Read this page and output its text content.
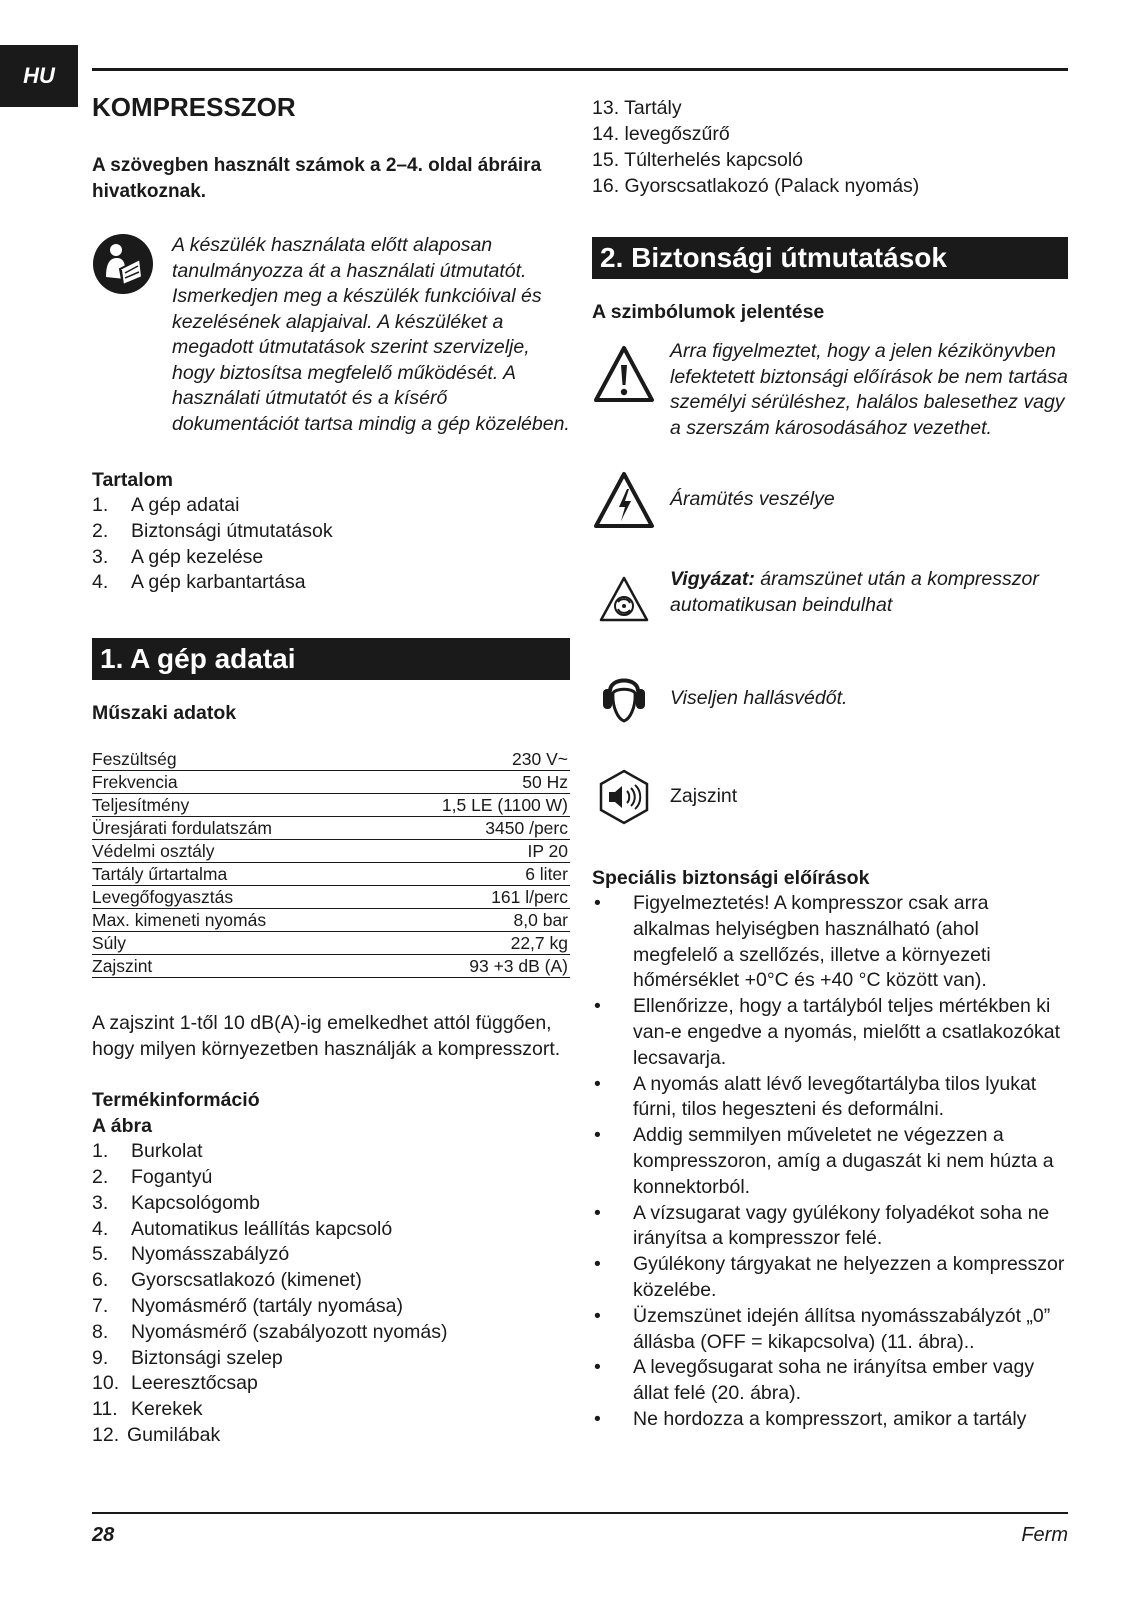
HU
KOMPRESSZOR
A szövegben használt számok a 2–4. oldal ábráira hivatkoznak.
A készülék használata előtt alaposan tanulmányozza át a használati útmutatót. Ismerkedjen meg a készülék funkcióival és kezelésének alapjaival. A készüléket a megadott útmutatások szerint szervizelje, hogy biztosítsa megfelelő működését. A használati útmutatót és a kísérő dokumentációt tartsa mindig a gép közelében.
Tartalom
1.	A gép adatai
2.	Biztonsági útmutatások
3.	A gép kezelése
4.	A gép karbantartása
1. A gép adatai
Műszaki adatok
Feszültség	230 V~
Frekvencia	50 Hz
Teljesítmény	1,5 LE (1100 W)
Üresjárati fordulatszám	3450 /perc
Védelmi osztály	IP 20
Tartály űrtartalma	6 liter
Levegőfogyasztás	161 l/perc
Max. kimeneti nyomás	8,0 bar
Súly	22,7 kg
Zajszint	93 +3 dB (A)
A zajszint 1-től 10 dB(A)-ig emelkedhet attól függően, hogy milyen környezetben használják a kompresszort.
Termékinformáció
A ábra
1.	Burkolat
2.	Fogantyú
3.	Kapcsológomb
4.	Automatikus leállítás kapcsoló
5.	Nyomásszabályzó
6.	Gyorscsatlakozó (kimenet)
7.	Nyomásmérő (tartály nyomása)
8.	Nyomásmérő (szabályozott nyomás)
9.	Biztonsági szelep
10. Leeresztőcsap
11. Kerekek
12. Gumilábak
13. Tartály
14. levegőszűrő
15. Túlterhelés kapcsoló
16. Gyorscsatlakozó (Palack nyomás)
2. Biztonsági útmutatások
A szimbólumok jelentése
Arra figyelmeztet, hogy a jelen kézikönyvben lefektetett biztonsági előírások be nem tartása személyi sérüléshez, halálos balesethez vagy a szerszám károsodásához vezethet.
Áramütés veszélye
Vigyázat: áramszünet után a kompresszor automatikusan beindulhat
Viseljen hallásvédőt.
Zajszint
Speciális biztonsági előírások
•	Figyelmeztetés! A kompresszor csak arra alkalmas helyiségben használható (ahol megfelelő a szellőzés, illetve a környezeti hőmérséklet +0°C és +40 °C között van).
•	Ellenőrizze, hogy a tartályból teljes mértékben ki van-e engedve a nyomás, mielőtt a csatlakozókat lecsavarja.
•	A nyomás alatt lévő levegőtartályba tilos lyukat fúrni, tilos hegeszteni és deformálni.
•	Addig semmilyen műveletet ne végezzen a kompresszoron, amíg a dugaszát ki nem húzta a konnektorból.
•	A vízsugarat vagy gyúlékony folyadékot soha ne irányítsa a kompresszor felé.
•	Gyúlékony tárgyakat ne helyezzen a kompresszor közelébe.
•	Üzemszünet idején állítsa nyomásszabályzót „0” állásba (OFF = kikapcsolva) (11. ábra)..
•	A levegősugarat soha ne irányítsa ember vagy állat felé (20. ábra).
•	Ne hordozza a kompresszort, amikor a tartály
28	Ferm
